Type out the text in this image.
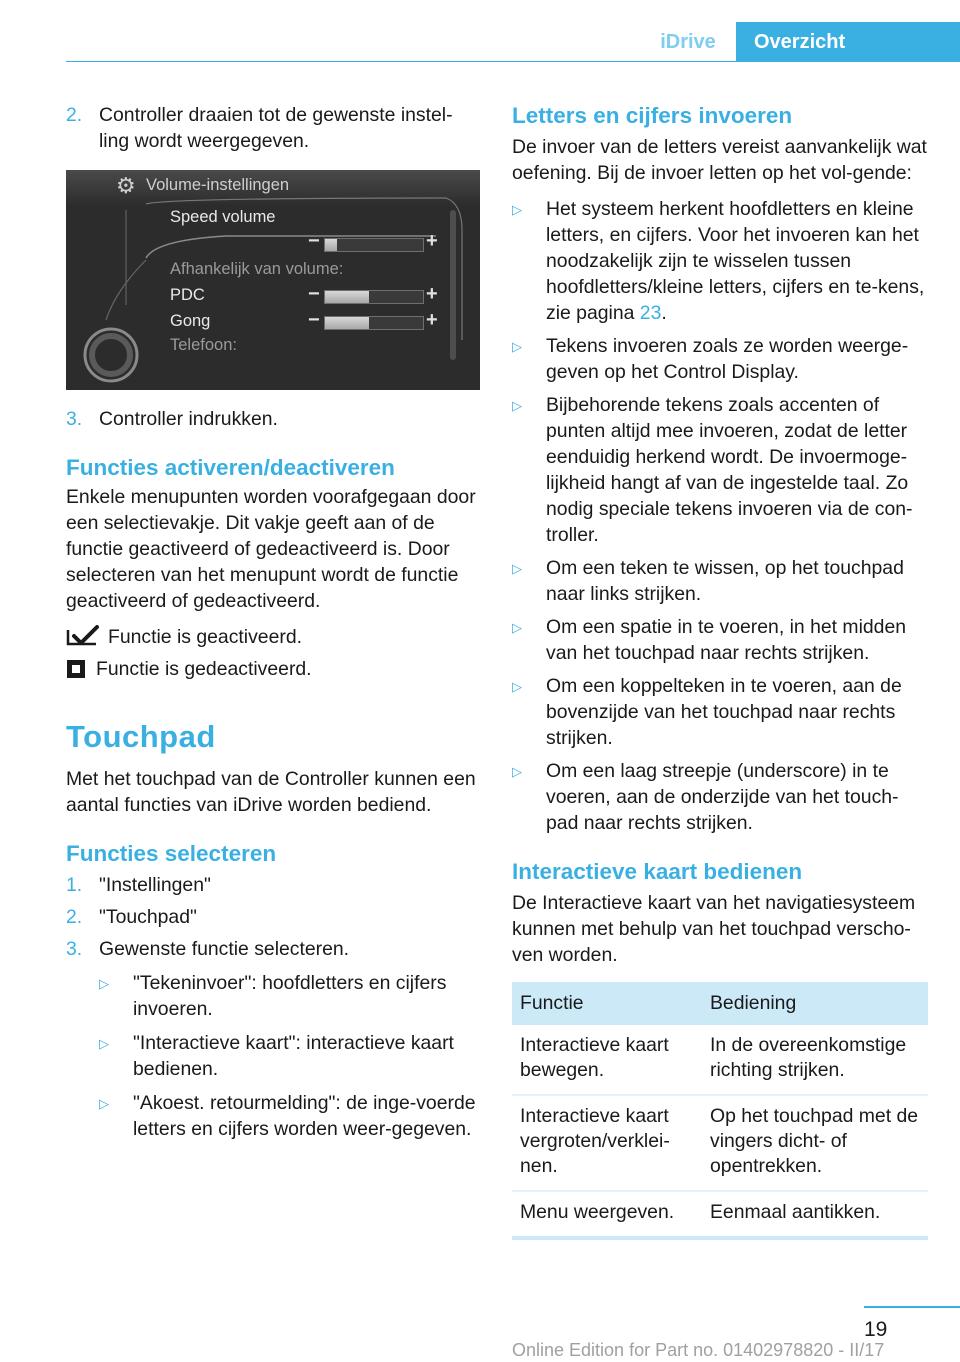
iDrive	Overzicht
2. Controller draaien tot de gewenste instel-ling wordt weergegeven.
⚙ Volume-instellingen
Speed volume
−	+
Afhankelijk van volume:
PDC	−	+
Gong	−	+
Telefoon:
3. Controller indrukken.
Functies activeren/deactiveren

Enkele menupunten worden voorafgegaan door een selectievakje. Dit vakje geeft aan of de functie geactiveerd of gedeactiveerd is. Door selecteren van het menupunt wordt de functie geactiveerd of gedeactiveerd.

Functie is geactiveerd.
Functie is gedeactiveerd.
Touchpad

Met het touchpad van de Controller kunnen een aantal functies van iDrive worden bediend.

Functies selecteren
1. "Instellingen"
2. "Touchpad"
3. Gewenste functie selecteren.
▷	"Tekeninvoer": hoofdletters en cijfers invoeren.
▷	"Interactieve kaart": interactieve kaart bedienen.
▷	"Akoest. retourmelding": de inge-voerde letters en cijfers worden weer-gegeven.
Letters en cijfers invoeren

De invoer van de letters vereist aanvankelijk wat oefening. Bij de invoer letten op het vol-gende:

▷	Het systeem herkent hoofdletters en kleine letters, en cijfers. Voor het invoeren kan het noodzakelijk zijn te wisselen tussen hoofdletters/kleine letters, cijfers en te-kens, zie pagina 23.
▷	Tekens invoeren zoals ze worden weerge-geven op het Control Display.
▷	Bijbehorende tekens zoals accenten of punten altijd mee invoeren, zodat de letter eenduidig herkend wordt. De invoermoge-lijkheid hangt af van de ingestelde taal. Zo nodig speciale tekens invoeren via de con-troller.
▷	Om een teken te wissen, op het touchpad naar links strijken.
▷	Om een spatie in te voeren, in het midden van het touchpad naar rechts strijken.
▷	Om een koppelteken in te voeren, aan de bovenzijde van het touchpad naar rechts strijken.
▷	Om een laag streepje (underscore) in te voeren, aan de onderzijde van het touch-pad naar rechts strijken.
Interactieve kaart bedienen

De Interactieve kaart van het navigatiesysteem kunnen met behulp van het touchpad verscho-ven worden.

Functie	Bediening
Interactieve kaart bewegen.	In de overeenkomstige richting strijken.
Interactieve kaart vergroten/verklei-nen.	Op het touchpad met de vingers dicht- of opentrekken.
Menu weergeven.	Eenmaal aantikken.
19
Online Edition for Part no. 01402978820 - II/17
